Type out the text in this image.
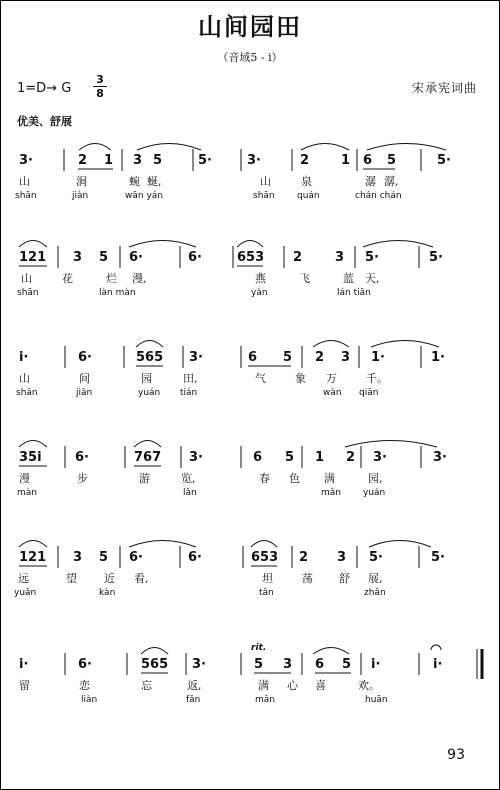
山间园田
（音域5 - i）
1=D→ G
3
8	宋承宪词曲
优美、舒展
3·	2 1 3 5	5·	3·	2 1 6 5	5·
山	涧	蜿 蜒,	山	泉	潺 潺,
shān	jiàn	wān yán	shān quán	chán chán
121 3 5 6·	6·	653 2	3 5·	5·
山	花	烂 漫,	燕	飞	蓝 天,
shān	làn màn	yàn	lán tiān
i·	6·	565 3·	6 5 2 3 1·	1·
山	间	园	田,	气	象 万	千。
shān	jiān	yuán tián	wàn qiān
35i	6·	767 3·	6 5 1 2 3·	3·
漫	步	游	览,	春 色 满	园,
màn	lǎn	mǎn yuán
121 3 5 6·	6·	653 2 3 5·	5·
远	望 近 看,	坦	荡 舒 展,
yuǎn	kàn	tǎn	zhǎn
i·	6·	565 3·	5 3 6 5 i·	i·
rit.
留	恋	忘	返,	满 心 喜	欢。
liàn	fǎn	mǎn	huān
93
